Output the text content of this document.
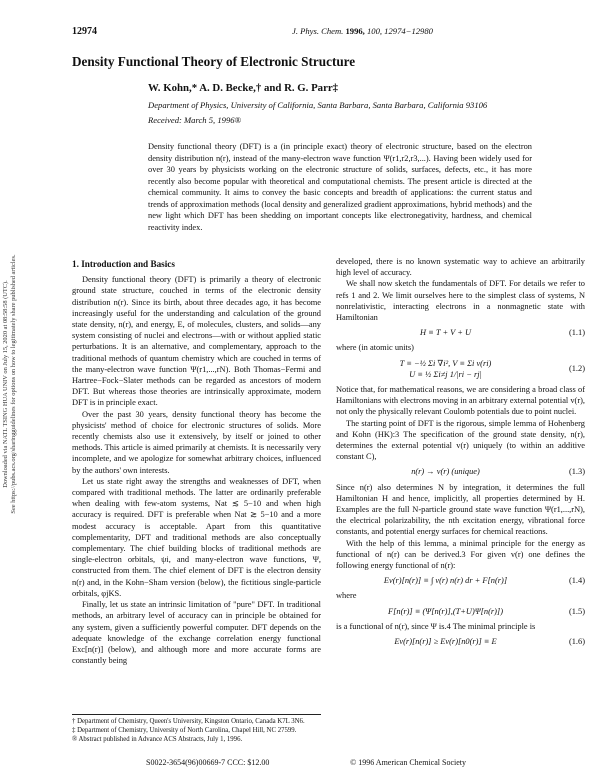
12974	J. Phys. Chem. 1996, 100, 12974−12980
Density Functional Theory of Electronic Structure
W. Kohn,* A. D. Becke,† and R. G. Parr‡
Department of Physics, University of California, Santa Barbara, Santa Barbara, California 93106
Received: March 5, 1996®
Density functional theory (DFT) is a (in principle exact) theory of electronic structure, based on the electron density distribution n(r), instead of the many-electron wave function Ψ(r1,r2,r3,...). Having been widely used for over 30 years by physicists working on the electronic structure of solids, surfaces, defects, etc., it has more recently also become popular with theoretical and computational chemists. The present article is directed at the chemical community. It aims to convey the basic concepts and breadth of applications: the current status and trends of approximation methods (local density and generalized gradient approximations, hybrid methods) and the new light which DFT has been shedding on important concepts like electronegativity, hardness, and chemical reactivity index.
Downloaded via NATL TSING HUA UNIV on July 15, 2020 at 08:58:58 (UTC). See https://pubs.acs.org/sharingguidelines for options on how to legitimately share published articles.	1. Introduction and Basics

Density functional theory (DFT) is primarily a theory of electronic ground state structure, couched in terms of the electronic density distribution n(r). Since its birth, about three decades ago, it has become increasingly useful for the understanding and calculation of the ground state density, n(r), and energy, E, of molecules, clusters, and solids—any system consisting of nuclei and electrons—with or without applied static perturbations. It is an alternative, and complementary, approach to the traditional methods of quantum chemistry which are couched in terms of the many-electron wave function Ψ(r1,...,rN). Both Thomas−Fermi and Hartree−Fock−Slater methods can be regarded as ancestors of modern DFT. But whereas those theories are intrinsically approximate, modern DFT is in principle exact.

Over the past 30 years, density functional theory has become the physicists' method of choice for electronic structures of solids. More recently chemists also use it extensively, by itself or joined to other methods. This article is aimed primarily at chemists. It is necessarily very incomplete, and we apologize for somewhat arbitrary choices, influenced by the authors' own interests.

Let us state right away the strengths and weaknesses of DFT, when compared with traditional methods. The latter are ordinarily preferable when dealing with few-atom systems, Nat ≲ 5−10 and when high accuracy is required. DFT is preferable when Nat ≳ 5−10 and a more modest accuracy is acceptable. Apart from this quantitative complementarity, DFT and traditional methods are also conceptually complementary. The chief building blocks of traditional methods are single-electron orbitals, ψi, and many-electron wave functions, Ψ, constructed from them. The chief element of DFT is the electron density n(r) and, in the Kohn−Sham version (below), the fictitious single-particle orbitals, φjKS.

Finally, let us state an intrinsic limitation of "pure" DFT. In traditional methods, an arbitrary level of accuracy can in principle be obtained for any system, given a sufficiently powerful computer. DFT depends on the adequate knowledge of the exchange correlation energy functional Exc[n(r)] (below), and although more and more accurate forms are constantly being

developed, there is no known systematic way to achieve an arbitrarily high level of accuracy.

We shall now sketch the fundamentals of DFT. For details we refer to refs 1 and 2. We limit ourselves here to the simplest class of systems, N nonrelativistic, interacting electrons in a nonmagnetic state with Hamiltonian

H ≡ T + V + U	(1.1)

where (in atomic units)

T ≡ −½ Σi ∇i², V ≡ Σi v(ri)
U ≡ ½ Σi≠j 1/|ri − rj|
(1.2)

Notice that, for mathematical reasons, we are considering a broad class of Hamiltonians with electrons moving in an arbitrary external potential v(r), not only the physically relevant Coulomb potentials due to point nuclei.

The starting point of DFT is the rigorous, simple lemma of Hohenberg and Kohn (HK):3 The specification of the ground state density, n(r), determines the external potential v(r) uniquely (to within an additive constant C),

n(r) → v(r) (unique)	(1.3)

Since n(r) also determines N by integration, it determines the full Hamiltonian H and hence, implicitly, all properties determined by H. Examples are the full N-particle ground state wave function Ψ(r1,...,rN), the electrical polarizability, the nth excitation energy, vibrational force constants, and potential energy surfaces for chemical reactions.

With the help of this lemma, a minimal principle for the energy as functional of n(r) can be derived.3 For given v(r) one defines the following energy functional of n(r):

Ev(r)[n(r)] ≡ ∫ v(r) n(r) dr + F[n(r)]	(1.4)

where

F[n(r)] ≡ (Ψ[n(r)],(T+U)Ψ[n(r)])	(1.5)

is a functional of n(r), since Ψ is.4 The minimal principle is

Ev(r)[n(r)] ≥ Ev(r)[n0(r)] ≡ E	(1.6)
† Department of Chemistry, Queen's University, Kingston Ontario, Canada K7L 3N6.
‡ Department of Chemistry, University of North Carolina, Chapel Hill, NC 27599.
® Abstract published in Advance ACS Abstracts, July 1, 1996.
S0022-3654(96)00669-7 CCC: $12.00	© 1996 American Chemical Society
